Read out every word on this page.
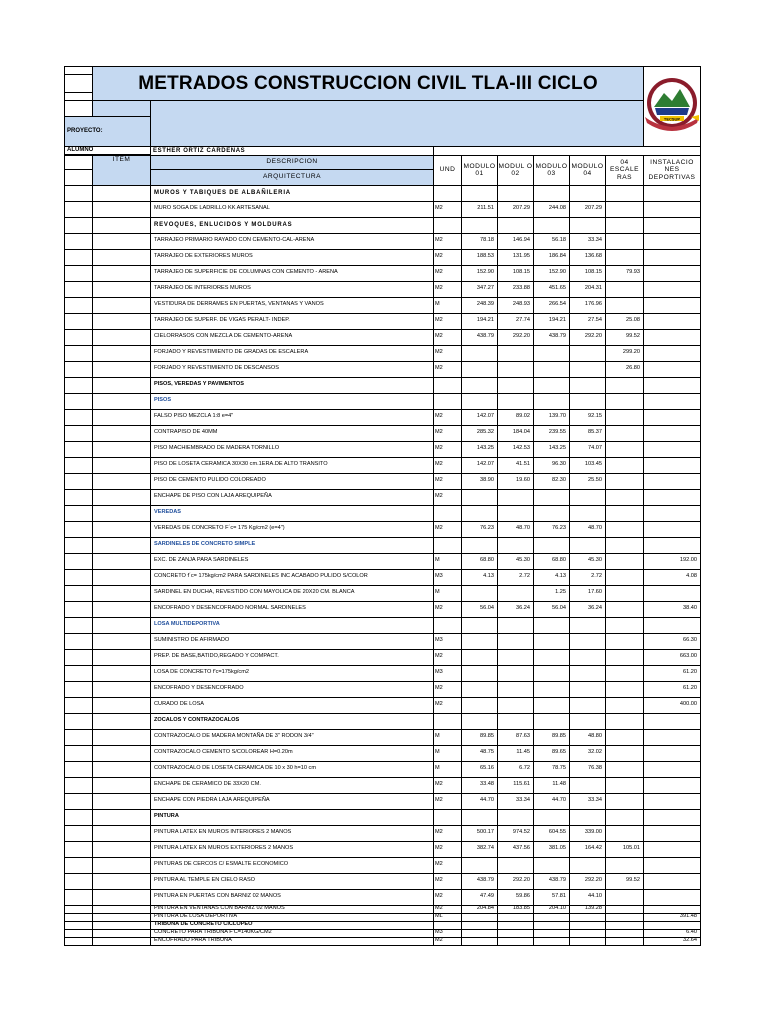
	METRADOS CONSTRUCCION CIVIL TLA-III CICLO								TECSUP

PROYECTO:									
ALUMNO		ESTHER ORTIZ CARDENAS							
	ITEM	DESCRIPCION	UND	MODULO 01	MODUL O 02	MODULO 03	MODULO 04	04 ESCALE RAS	INSTALACIO NES DEPORTIVAS
		ARQUITECTURA							
		MUROS Y TABIQUES DE ALBAÑILERIA							
		MURO SOGA DE LADRILLO KK ARTESANAL	M2	211.51	207.29	244.08	207.29		
		REVOQUES, ENLUCIDOS Y MOLDURAS							
		TARRAJEO PRIMARIO RAYADO CON CEMENTO-CAL-ARENA	M2	78.18	146.94	56.18	33.34		
		TARRAJEO DE EXTERIORES MUROS	M2	188.53	131.95	186.84	136.68		
		TARRAJEO DE SUPERFICIE DE COLUMNAS CON CEMENTO - ARENA	M2	152.90	108.15	152.90	108.15	79.93	
		TARRAJEO DE INTERIORES MUROS	M2	347.27	233.88	451.65	204.31		
		VESTIDURA DE DERRAMES EN PUERTAS, VENTANAS Y VANOS	M	248.39	248.93	266.54	176.96		
		TARRAJEO DE SUPERF. DE VIGAS PERALT- INDEP.	M2	194.21	27.74	194.21	27.54	25.08	
		CIELORRASOS CON MEZCLA DE CEMENTO-ARENA	M2	438.79	292.20	438.79	292.20	99.52	
		FORJADO Y REVESTIMIENTO DE GRADAS DE ESCALERA	M2					299.20	
		FORJADO Y REVESTIMIENTO DE DESCANSOS	M2					26.80	
		PISOS, VEREDAS Y PAVIMENTOS							
		PISOS							
		FALSO PISO MEZCLA 1:8 e=4"	M2	142.07	89.02	139.70	92.15		
		CONTRAPISO DE 40MM	M2	285.32	184.04	239.55	85.37		
		PISO MACHIEMBRADO DE MADERA TORNILLO	M2	143.25	142.53	143.25	74.07		
		PISO DE LOSETA CERAMICA 30X30 cm.1ERA.DE ALTO TRANSITO	M2	142.07	41.51	96.30	103.45		
		PISO DE CEMENTO PULIDO COLOREADO	M2	38.90	19.60	82.30	25.50		
		ENCHAPE DE PISO CON LAJA AREQUIPEÑA	M2						
		VEREDAS							
		VEREDAS DE CONCRETO F´c= 175 Kg/cm2 (e=4")	M2	76.23	48.70	76.23	48.70		
		SARDINELES DE CONCRETO SIMPLE							
		EXC. DE ZANJA PARA SARDINELES	M	68.80	45.30	68.80	45.30		192.00
		CONCRETO f´c= 175kg/cm2 PARA SARDINELES INC ACABADO PULIDO S/COLOR	M3	4.13	2.72	4.13	2.72		4.08
		SARDINEL EN DUCHA, REVESTIDO CON MAYOLICA DE 20X20 CM. BLANCA	M			1.25	17.60		
		ENCOFRADO Y DESENCOFRADO NORMAL SARDINELES	M2	56.04	36.24	56.04	36.24		38.40
		LOSA MULTIDEPORTIVA							
		SUMINISTRO DE AFIRMADO	M3						66.30
		PREP. DE BASE,BATIDO,REGADO Y COMPACT.	M2						663.00
		LOSA DE CONCRETO f'c=175kg/cm2	M3						61.20
		ENCOFRADO Y DESENCOFRADO	M2						61.20
		CURADO DE LOSA	M2						400.00
		ZOCALOS Y CONTRAZOCALOS							
		CONTRAZOCALO DE MADERA MONTAÑA DE 3" RODON 3/4"	M	89.85	87.63	89.85	48.80		
		CONTRAZOCALO CEMENTO S/COLOREAR H=0.20m	M	48.75	11.45	89.65	32.02		
		CONTRAZOCALO DE LOSETA CERAMICA DE 10 x 30 h=10 cm	M	65.16	6.72	78.75	76.38		
		ENCHAPE DE CERAMICO DE 33X20 CM.	M2	33.48	115.61	11.48			
		ENCHAPE CON PIEDRA LAJA AREQUIPEÑA	M2	44.70	33.34	44.70	33.34		
		PINTURA							
		PINTURA LATEX EN MUROS INTERIORES 2 MANOS	M2	500.17	974.52	604.55	339.00		
		PINTURA LATEX EN MUROS EXTERIORES 2 MANOS	M2	382.74	437.56	381.05	164.42	105.01	
		PINTURAS DE CERCOS C/ ESMALTE ECONOMICO	M2						
		PINTURA AL TEMPLE EN CIELO RASO	M2	438.79	292.20	438.79	292.20	99.52	
		PINTURA EN PUERTAS CON BARNIZ 02 MANOS	M2	47.49	59.86	57.81	44.10		
		PINTURA EN VENTANAS CON BARNIZ 02 MANOS	M2	204.84	183.85	204.10	139.28		
		PINTURA DE LOSA DEPORTIVA	ML						391.48
		TRIBUNA DE CONCRETO CICLOPEO							
		CONCRETO PARA TRIBUNA F'C=140KG/CM2	M3						6.40
		ENCOFRADO PARA TRIBUNA	M2						32.64
